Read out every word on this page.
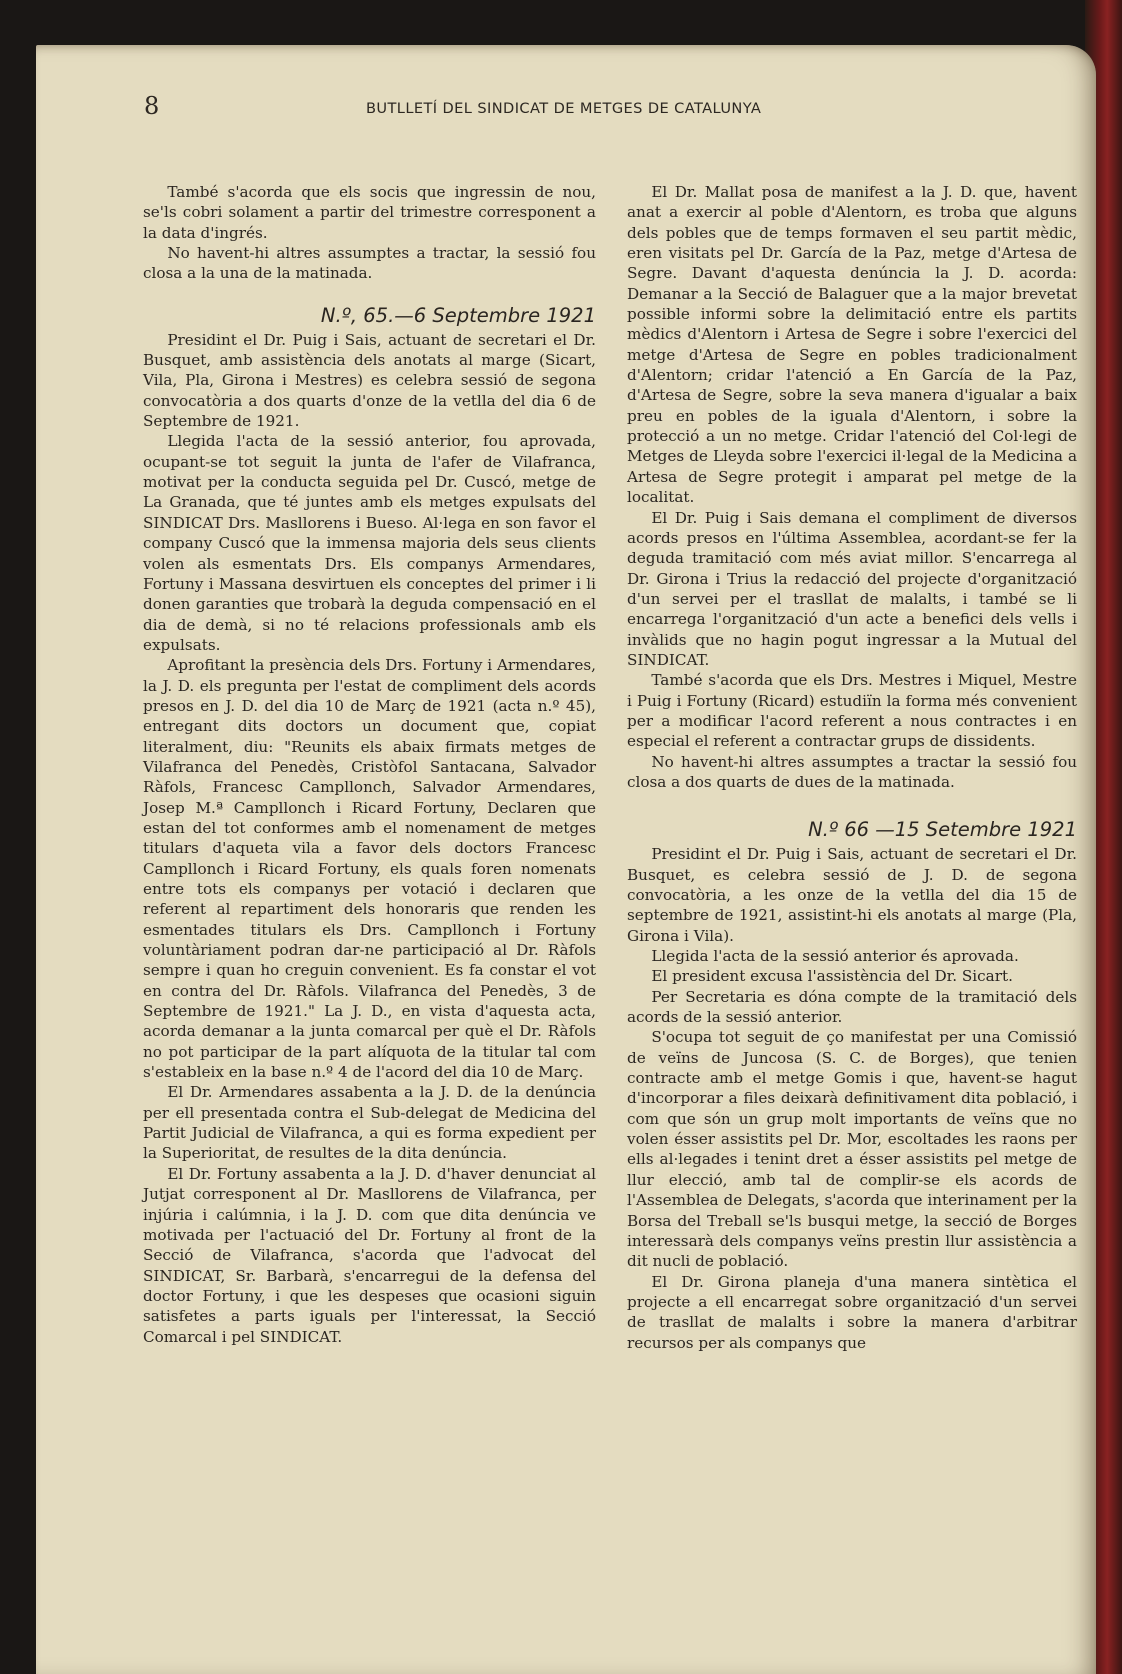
8	BUTLLETÍ DEL SINDICAT DE METGES DE CATALUNYA

També s'acorda que els socis que ingressin de nou, se'ls cobri solament a partir del trimestre corresponent a la data d'ingrés.

No havent-hi altres assumptes a tractar, la sessió fou closa a la una de la matinada.

N.º, 65.—6 Septembre 1921

Presidint el Dr. Puig i Sais, actuant de secretari el Dr. Busquet, amb assistència dels anotats al marge (Sicart, Vila, Pla, Girona i Mestres) es celebra sessió de segona convocatòria a dos quarts d'onze de la vetlla del dia 6 de Septembre de 1921.

Llegida l'acta de la sessió anterior, fou aprovada, ocupant-se tot seguit la junta de l'afer de Vilafranca, motivat per la conducta seguida pel Dr. Cuscó, metge de La Granada, que té juntes amb els metges expulsats del SINDICAT Drs. Masllorens i Bueso. Al·lega en son favor el company Cuscó que la immensa majoria dels seus clients volen als esmentats Drs. Els companys Armendares, Fortuny i Massana desvirtuen els conceptes del primer i li donen garanties que trobarà la deguda compensació en el dia de demà, si no té relacions professionals amb els expulsats.

Aprofitant la presència dels Drs. Fortuny i Armendares, la J. D. els pregunta per l'estat de compliment dels acords presos en J. D. del dia 10 de Març de 1921 (acta n.º 45), entregant dits doctors un document que, copiat literalment, diu: "Reunits els abaix firmats metges de Vilafranca del Penedès, Cristòfol Santacana, Salvador Ràfols, Francesc Campllonch, Salvador Armendares, Josep M.ª Campllonch i Ricard Fortuny, Declaren que estan del tot conformes amb el nomenament de metges titulars d'aqueta vila a favor dels doctors Francesc Campllonch i Ricard Fortuny, els quals foren nomenats entre tots els companys per votació i declaren que referent al repartiment dels honoraris que renden les esmentades titulars els Drs. Campllonch i Fortuny voluntàriament podran dar-ne participació al Dr. Ràfols sempre i quan ho creguin convenient. Es fa constar el vot en contra del Dr. Ràfols. Vilafranca del Penedès, 3 de Septembre de 1921." La J. D., en vista d'aquesta acta, acorda demanar a la junta comarcal per què el Dr. Ràfols no pot participar de la part alíquota de la titular tal com s'estableix en la base n.º 4 de l'acord del dia 10 de Març.

El Dr. Armendares assabenta a la J. D. de la denúncia per ell presentada contra el Sub-delegat de Medicina del Partit Judicial de Vilafranca, a qui es forma expedient per la Superioritat, de resultes de la dita denúncia.

El Dr. Fortuny assabenta a la J. D. d'haver denunciat al Jutjat corresponent al Dr. Masllorens de Vilafranca, per injúria i calúmnia, i la J. D. com que dita denúncia ve motivada per l'actuació del Dr. Fortuny al front de la Secció de Vilafranca, s'acorda que l'advocat del SINDICAT, Sr. Barbarà, s'encarregui de la defensa del doctor Fortuny, i que les despeses que ocasioni siguin satisfetes a parts iguals per l'interessat, la Secció Comarcal i pel SINDICAT.

El Dr. Mallat posa de manifest a la J. D. que, havent anat a exercir al poble d'Alentorn, es troba que alguns dels pobles que de temps formaven el seu partit mèdic, eren visitats pel Dr. García de la Paz, metge d'Artesa de Segre. Davant d'aquesta denúncia la J. D. acorda: Demanar a la Secció de Balaguer que a la major brevetat possible informi sobre la delimitació entre els partits mèdics d'Alentorn i Artesa de Segre i sobre l'exercici del metge d'Artesa de Segre en pobles tradicionalment d'Alentorn; cridar l'atenció a En García de la Paz, d'Artesa de Segre, sobre la seva manera d'igualar a baix preu en pobles de la iguala d'Alentorn, i sobre la protecció a un no metge. Cridar l'atenció del Col·legi de Metges de Lleyda sobre l'exercici il·legal de la Medicina a Artesa de Segre protegit i amparat pel metge de la localitat.

El Dr. Puig i Sais demana el compliment de diversos acords presos en l'última Assemblea, acordant-se fer la deguda tramitació com més aviat millor. S'encarrega al Dr. Girona i Trius la redacció del projecte d'organització d'un servei per el trasllat de malalts, i també se li encarrega l'organització d'un acte a benefici dels vells i invàlids que no hagin pogut ingressar a la Mutual del SINDICAT.

També s'acorda que els Drs. Mestres i Miquel, Mestre i Puig i Fortuny (Ricard) estudiïn la forma més convenient per a modificar l'acord referent a nous contractes i en especial el referent a contractar grups de dissidents.

No havent-hi altres assumptes a tractar la sessió fou closa a dos quarts de dues de la matinada.

N.º 66 —15 Setembre 1921

Presidint el Dr. Puig i Sais, actuant de secretari el Dr. Busquet, es celebra sessió de J. D. de segona convocatòria, a les onze de la vetlla del dia 15 de septembre de 1921, assistint-hi els anotats al marge (Pla, Girona i Vila).

Llegida l'acta de la sessió anterior és aprovada.

El president excusa l'assistència del Dr. Sicart.

Per Secretaria es dóna compte de la tramitació dels acords de la sessió anterior.

S'ocupa tot seguit de ço manifestat per una Comissió de veïns de Juncosa (S. C. de Borges), que tenien contracte amb el metge Gomis i que, havent-se hagut d'incorporar a files deixarà definitivament dita població, i com que són un grup molt importants de veïns que no volen ésser assistits pel Dr. Mor, escoltades les raons per ells al·legades i tenint dret a ésser assistits pel metge de llur elecció, amb tal de complir-se els acords de l'Assemblea de Delegats, s'acorda que interinament per la Borsa del Treball se'ls busqui metge, la secció de Borges interessarà dels companys veïns prestin llur assistència a dit nucli de població.

El Dr. Girona planeja d'una manera sintètica el projecte a ell encarregat sobre organització d'un servei de trasllat de malalts i sobre la manera d'arbitrar recursos per als companys que
